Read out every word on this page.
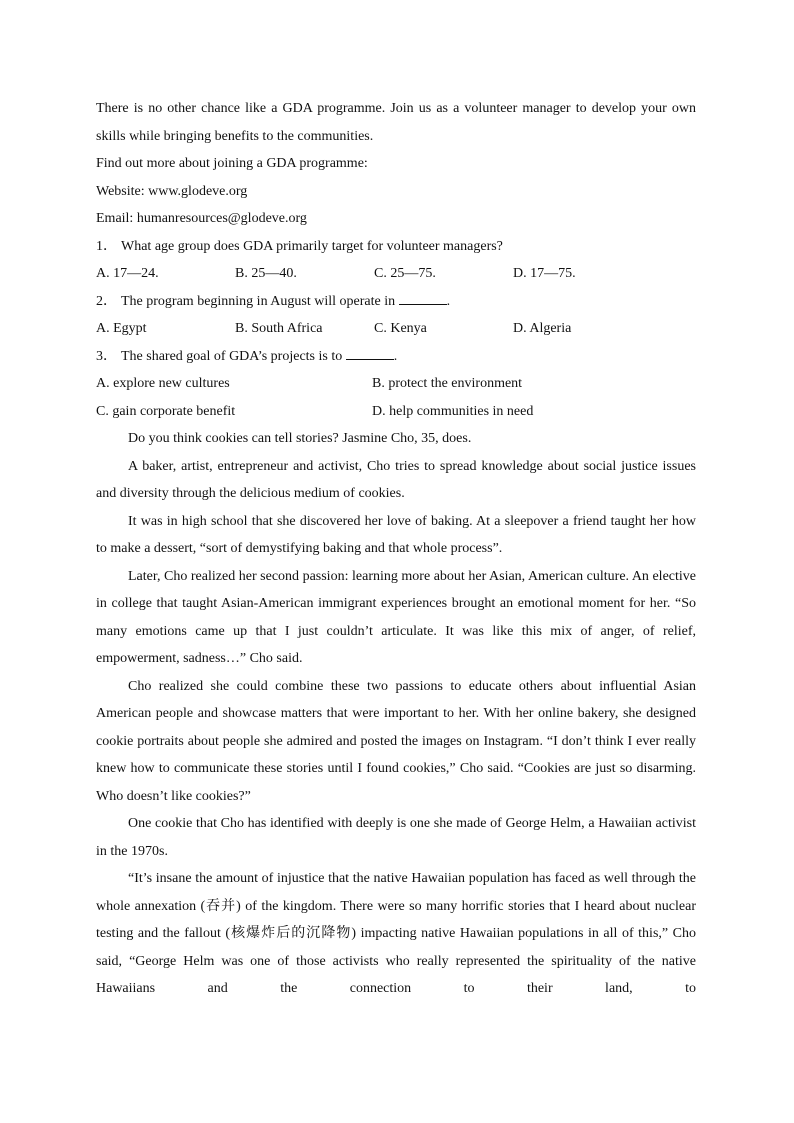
There is no other chance like a GDA programme. Join us as a volunteer manager to develop your own skills while bringing benefits to the communities.

Find out more about joining a GDA programme:

Website: www.glodeve.org

Email: humanresources@glodeve.org

1． What age group does GDA primarily target for volunteer managers?

A. 17—24.	B. 25—40.	C. 25—75.	D. 17—75.

2． The program beginning in August will operate in	.

A. Egypt	B. South Africa	C. Kenya	D. Algeria

3． The shared goal of GDA’s projects is to	.

A. explore new cultures	B. protect the environment
C. gain corporate benefit	D. help communities in need

Do you think cookies can tell stories? Jasmine Cho, 35, does.

A baker, artist, entrepreneur and activist, Cho tries to spread knowledge about social justice issues and diversity through the delicious medium of cookies.

It was in high school that she discovered her love of baking. At a sleepover a friend taught her how to make a dessert, “sort of demystifying baking and that whole process”.

Later, Cho realized her second passion: learning more about her Asian, American culture. An elective in college that taught Asian-American immigrant experiences brought an emotional moment for her. “So many emotions came up that I just couldn’t articulate. It was like this mix of anger, of relief, empowerment, sadness…” Cho said.

Cho realized she could combine these two passions to educate others about influential Asian American people and showcase matters that were important to her. With her online bakery, she designed cookie portraits about people she admired and posted the images on Instagram. “I don’t think I ever really knew how to communicate these stories until I found cookies,” Cho said. “Cookies are just so disarming. Who doesn’t like cookies?”

One cookie that Cho has identified with deeply is one she made of George Helm, a Hawaiian activist in the 1970s.

“It’s insane the amount of injustice that the native Hawaiian population has faced as well through the whole annexation (吞并) of the kingdom. There were so many horrific stories that I heard about nuclear testing and the fallout (核爆炸后的沉降物) impacting native Hawaiian populations in all of this,” Cho said, “George Helm was one of those activists who really represented the spirituality of the native Hawaiians and the connection to their land, to
